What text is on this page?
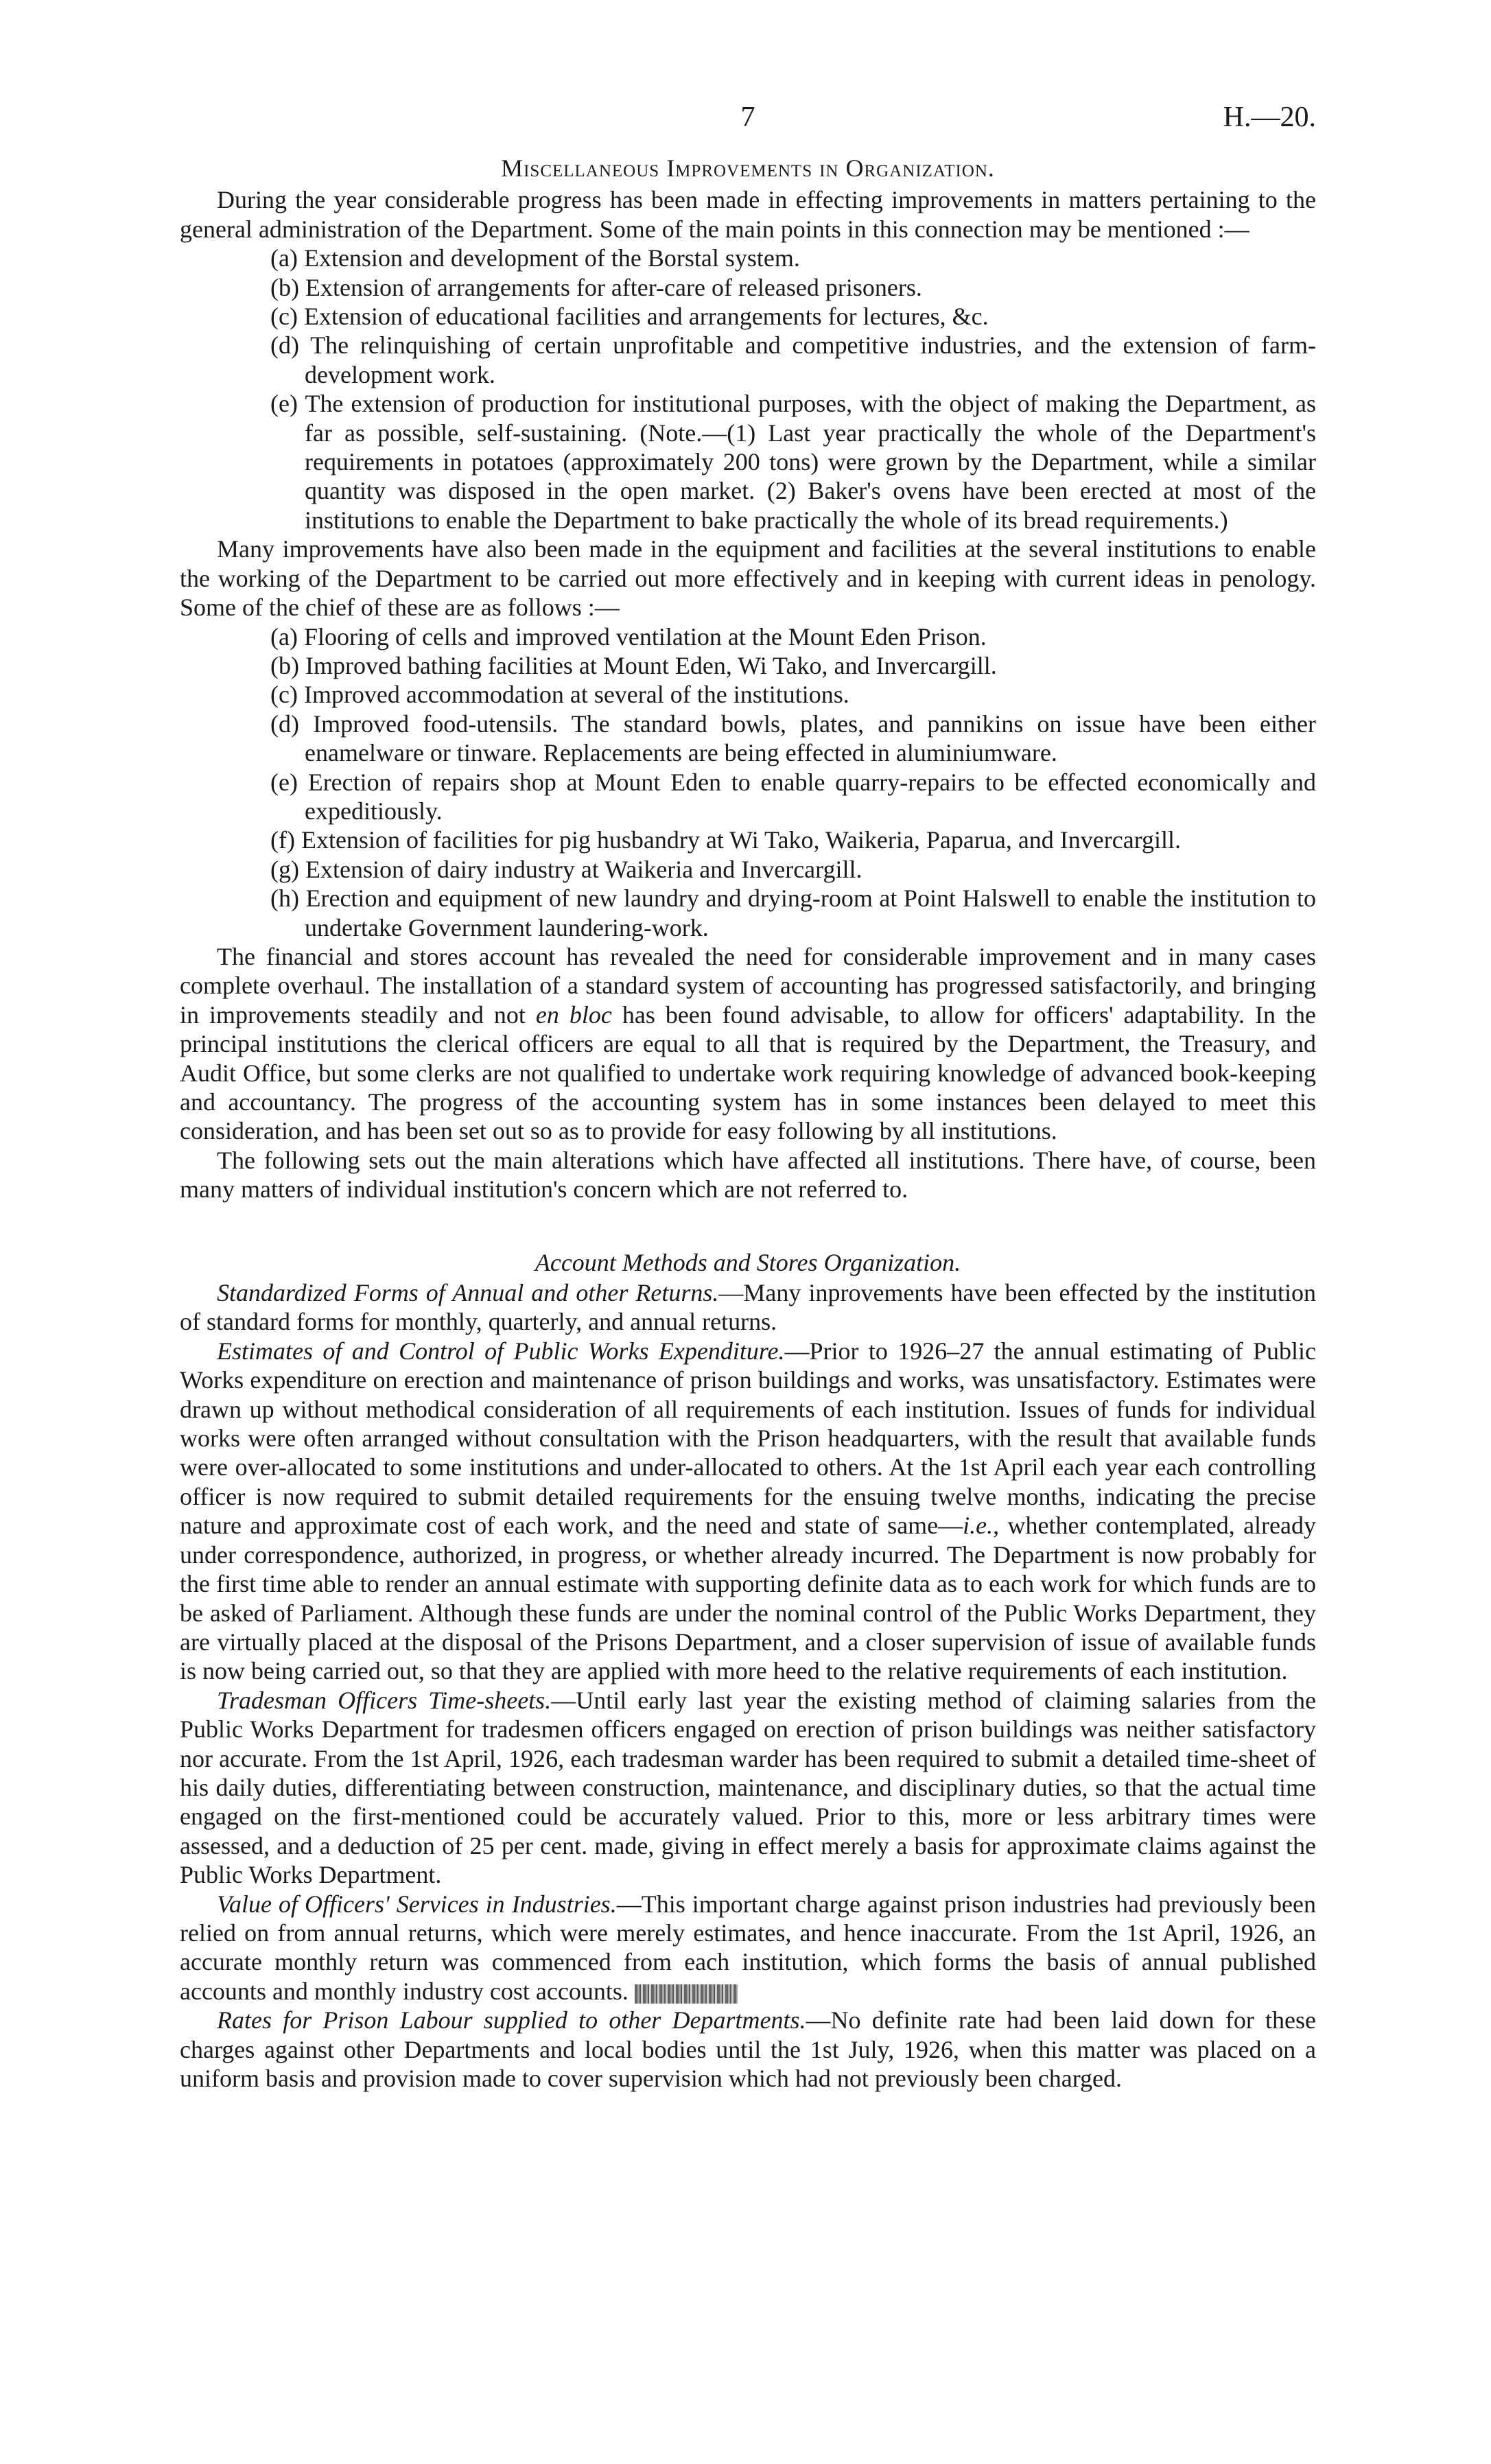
7	H.—20.
Miscellaneous Improvements in Organization.

During the year considerable progress has been made in effecting improvements in matters pertaining to the general administration of the Department. Some of the main points in this connection may be mentioned :—

(a) Extension and development of the Borstal system.
(b) Extension of arrangements for after-care of released prisoners.
(c) Extension of educational facilities and arrangements for lectures, &c.
(d) The relinquishing of certain unprofitable and competitive industries, and the extension of farm-development work.
(e) The extension of production for institutional purposes, with the object of making the Department, as far as possible, self-sustaining. (Note.—(1) Last year practically the whole of the Department's requirements in potatoes (approximately 200 tons) were grown by the Department, while a similar quantity was disposed in the open market. (2) Baker's ovens have been erected at most of the institutions to enable the Department to bake practically the whole of its bread requirements.)

Many improvements have also been made in the equipment and facilities at the several institutions to enable the working of the Department to be carried out more effectively and in keeping with current ideas in penology. Some of the chief of these are as follows :—

(a) Flooring of cells and improved ventilation at the Mount Eden Prison.
(b) Improved bathing facilities at Mount Eden, Wi Tako, and Invercargill.
(c) Improved accommodation at several of the institutions.
(d) Improved food-utensils. The standard bowls, plates, and pannikins on issue have been either enamelware or tinware. Replacements are being effected in aluminiumware.
(e) Erection of repairs shop at Mount Eden to enable quarry-repairs to be effected economically and expeditiously.
(f) Extension of facilities for pig husbandry at Wi Tako, Waikeria, Paparua, and Invercargill.
(g) Extension of dairy industry at Waikeria and Invercargill.
(h) Erection and equipment of new laundry and drying-room at Point Halswell to enable the institution to undertake Government laundering-work.

The financial and stores account has revealed the need for considerable improvement and in many cases complete overhaul. The installation of a standard system of accounting has progressed satisfactorily, and bringing in improvements steadily and not en bloc has been found advisable, to allow for officers' adaptability. In the principal institutions the clerical officers are equal to all that is required by the Department, the Treasury, and Audit Office, but some clerks are not qualified to undertake work requiring knowledge of advanced book-keeping and accountancy. The progress of the accounting system has in some instances been delayed to meet this consideration, and has been set out so as to provide for easy following by all institutions.

The following sets out the main alterations which have affected all institutions. There have, of course, been many matters of individual institution's concern which are not referred to.

Account Methods and Stores Organization.

Standardized Forms of Annual and other Returns.—Many inprovements have been effected by the institution of standard forms for monthly, quarterly, and annual returns.

Estimates of and Control of Public Works Expenditure.—Prior to 1926–27 the annual estimating of Public Works expenditure on erection and maintenance of prison buildings and works, was unsatisfactory. Estimates were drawn up without methodical consideration of all requirements of each institution. Issues of funds for individual works were often arranged without consultation with the Prison headquarters, with the result that available funds were over-allocated to some institutions and under-allocated to others. At the 1st April each year each controlling officer is now required to submit detailed requirements for the ensuing twelve months, indicating the precise nature and approximate cost of each work, and the need and state of same—i.e., whether contemplated, already under correspondence, authorized, in progress, or whether already incurred. The Department is now probably for the first time able to render an annual estimate with supporting definite data as to each work for which funds are to be asked of Parliament. Although these funds are under the nominal control of the Public Works Department, they are virtually placed at the disposal of the Prisons Department, and a closer supervision of issue of available funds is now being carried out, so that they are applied with more heed to the relative requirements of each institution.

Tradesman Officers Time-sheets.—Until early last year the existing method of claiming salaries from the Public Works Department for tradesmen officers engaged on erection of prison buildings was neither satisfactory nor accurate. From the 1st April, 1926, each tradesman warder has been required to submit a detailed time-sheet of his daily duties, differentiating between construction, maintenance, and disciplinary duties, so that the actual time engaged on the first-mentioned could be accurately valued. Prior to this, more or less arbitrary times were assessed, and a deduction of 25 per cent. made, giving in effect merely a basis for approximate claims against the Public Works Department.

Value of Officers' Services in Industries.—This important charge against prison industries had previously been relied on from annual returns, which were merely estimates, and hence inaccurate. From the 1st April, 1926, an accurate monthly return was commenced from each institution, which forms the basis of annual published accounts and monthly industry cost accounts.

Rates for Prison Labour supplied to other Departments.—No definite rate had been laid down for these charges against other Departments and local bodies until the 1st July, 1926, when this matter was placed on a uniform basis and provision made to cover supervision which had not previously been charged.
